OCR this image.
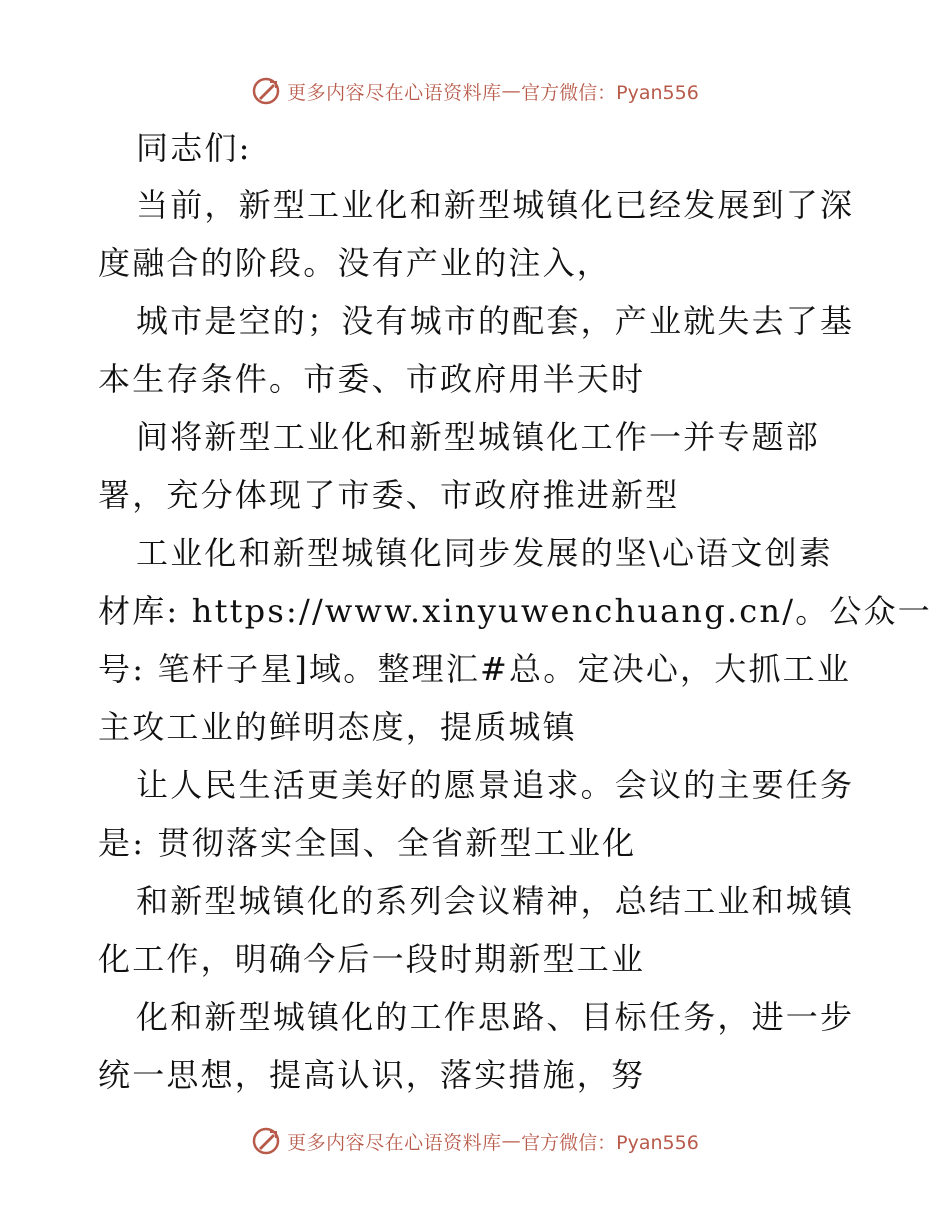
更多内容尽在心语资料库 — 官方微信：Pyan556
同志们:
当前，新型工业化和新型城镇化已经发展到了深
度融合的阶段。没有产业的注入，
城市是空的；没有城市的配套，产业就失去了基
本生存条件。市委、市政府用半天时
间将新型工业化和新型城镇化工作一并专题部
署，充分体现了市委、市政府推进新型
工业化和新型城镇化同步发展的坚\心语文创素
材库: https://www.xinyuwenchuang.cn/。公众一
号: 笔杆子星]域。整理汇#总。定决心，大抓工业
主攻工业的鲜明态度，提质城镇
让人民生活更美好的愿景追求。会议的主要任务
是: 贯彻落实全国、全省新型工业化
和新型城镇化的系列会议精神，总结工业和城镇
化工作，明确今后一段时期新型工业
化和新型城镇化的工作思路、目标任务，进一步
统一思想，提高认识，落实措施，努
更多内容尽在心语资料库 — 官方微信：Pyan556
